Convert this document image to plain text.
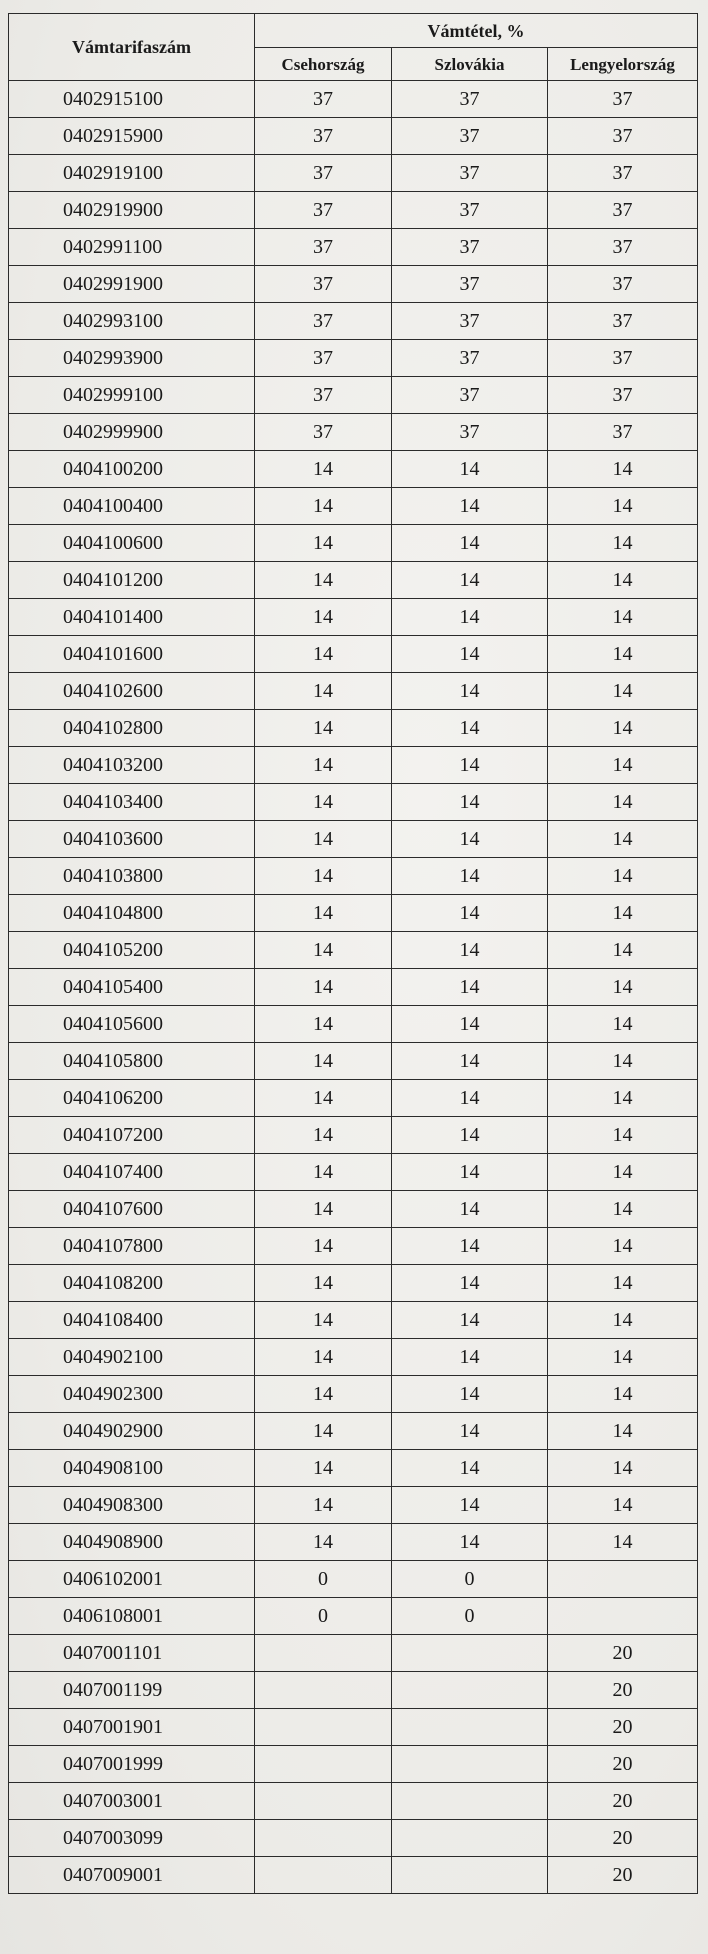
Vámtarifaszám	Vámtétel, %		
	Csehország	Szlovákia	Lengyelország
0402915100	37	37	37
0402915900	37	37	37
0402919100	37	37	37
0402919900	37	37	37
0402991100	37	37	37
0402991900	37	37	37
0402993100	37	37	37
0402993900	37	37	37
0402999100	37	37	37
0402999900	37	37	37
0404100200	14	14	14
0404100400	14	14	14
0404100600	14	14	14
0404101200	14	14	14
0404101400	14	14	14
0404101600	14	14	14
0404102600	14	14	14
0404102800	14	14	14
0404103200	14	14	14
0404103400	14	14	14
0404103600	14	14	14
0404103800	14	14	14
0404104800	14	14	14
0404105200	14	14	14
0404105400	14	14	14
0404105600	14	14	14
0404105800	14	14	14
0404106200	14	14	14
0404107200	14	14	14
0404107400	14	14	14
0404107600	14	14	14
0404107800	14	14	14
0404108200	14	14	14
0404108400	14	14	14
0404902100	14	14	14
0404902300	14	14	14
0404902900	14	14	14
0404908100	14	14	14
0404908300	14	14	14
0404908900	14	14	14
0406102001	0	0	
0406108001	0	0	
0407001101			20
0407001199			20
0407001901			20
0407001999			20
0407003001			20
0407003099			20
0407009001			20
